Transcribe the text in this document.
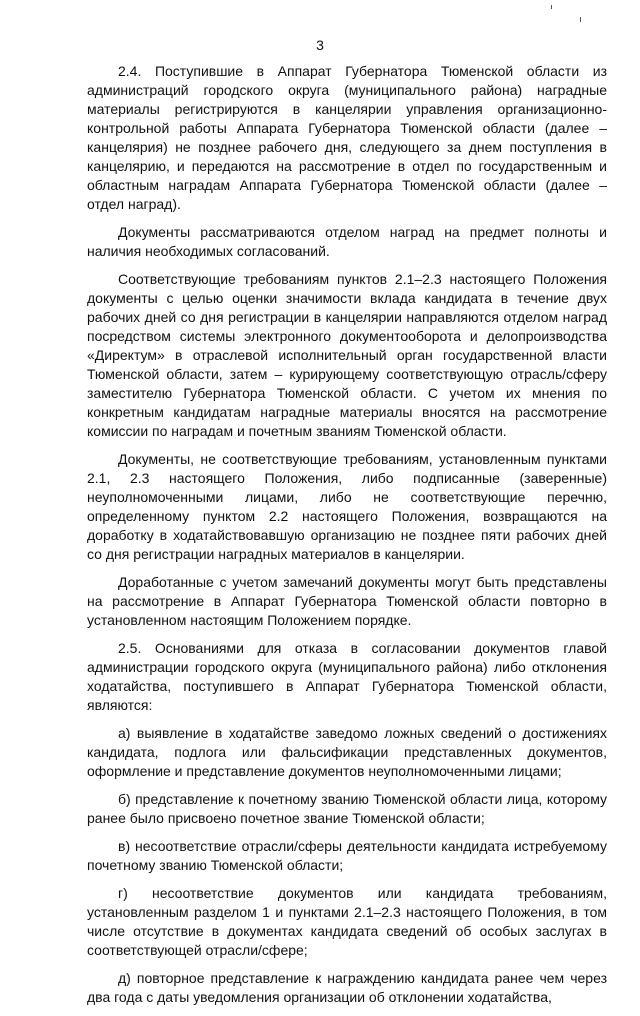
3

2.4. Поступившие в Аппарат Губернатора Тюменской области из администраций городского округа (муниципального района) наградные материалы регистрируются в канцелярии управления организационно-контрольной работы Аппарата Губернатора Тюменской области (далее – канцелярия) не позднее рабочего дня, следующего за днем поступления в канцелярию, и передаются на рассмотрение в отдел по государственным и областным наградам Аппарата Губернатора Тюменской области (далее – отдел наград).

Документы рассматриваются отделом наград на предмет полноты и наличия необходимых согласований.

Соответствующие требованиям пунктов 2.1–2.3 настоящего Положения документы с целью оценки значимости вклада кандидата в течение двух рабочих дней со дня регистрации в канцелярии направляются отделом наград посредством системы электронного документооборота и делопроизводства «Директум» в отраслевой исполнительный орган государственной власти Тюменской области, затем – курирующему соответствующую отрасль/сферу заместителю Губернатора Тюменской области. С учетом их мнения по конкретным кандидатам наградные материалы вносятся на рассмотрение комиссии по наградам и почетным званиям Тюменской области.

Документы, не соответствующие требованиям, установленным пунктами 2.1, 2.3 настоящего Положения, либо подписанные (заверенные) неуполномоченными лицами, либо не соответствующие перечню, определенному пунктом 2.2 настоящего Положения, возвращаются на доработку в ходатайствовавшую организацию не позднее пяти рабочих дней со дня регистрации наградных материалов в канцелярии.

Доработанные с учетом замечаний документы могут быть представлены на рассмотрение в Аппарат Губернатора Тюменской области повторно в установленном настоящим Положением порядке.

2.5. Основаниями для отказа в согласовании документов главой администрации городского округа (муниципального района) либо отклонения ходатайства, поступившего в Аппарат Губернатора Тюменской области, являются:

а) выявление в ходатайстве заведомо ложных сведений о достижениях кандидата, подлога или фальсификации представленных документов, оформление и представление документов неуполномоченными лицами;

б) представление к почетному званию Тюменской области лица, которому ранее было присвоено почетное звание Тюменской области;

в) несоответствие отрасли/сферы деятельности кандидата истребуемому почетному званию Тюменской области;

г) несоответствие документов или кандидата требованиям, установленным разделом 1 и пунктами 2.1–2.3 настоящего Положения, в том числе отсутствие в документах кандидата сведений об особых заслугах в соответствующей отрасли/сфере;

д) повторное представление к награждению кандидата ранее чем через два года с даты уведомления организации об отклонении ходатайства,
